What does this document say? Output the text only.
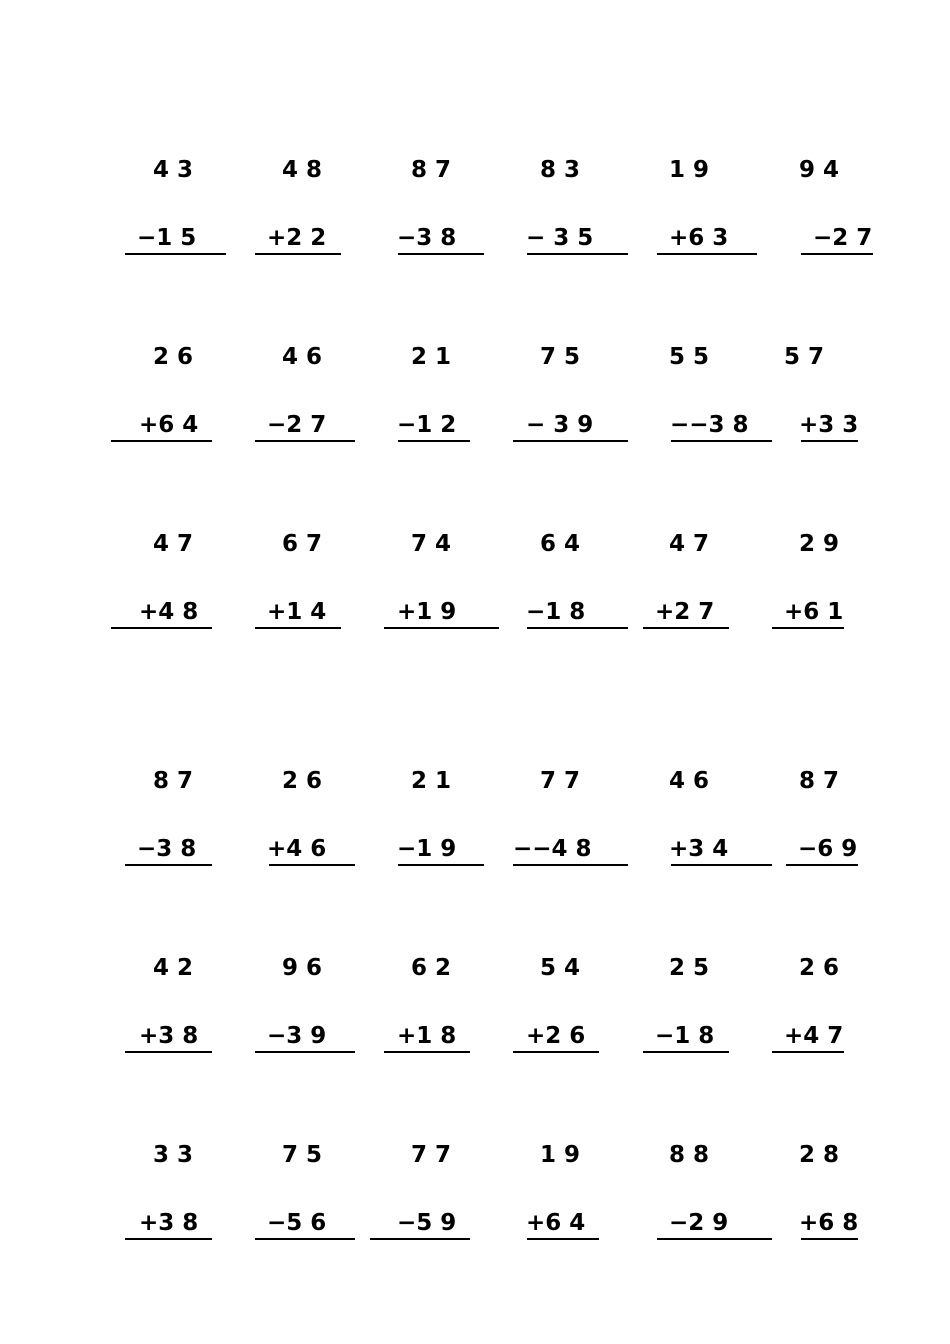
4 3
−1 5
4 8
+2 2
8 7
−3 8
8 3
− 3 5
1 9
+6 3
9 4
−2 7
2 6
+6 4
4 6
−2 7
2 1
−1 2
7 5
− 3 9
5 5
−−3 8
5 7
+3 3
4 7
+4 8
6 7
+1 4
7 4
+1 9
6 4
−1 8
4 7
+2 7
2 9
+6 1
8 7
−3 8
2 6
+4 6
2 1
−1 9
7 7
−−4 8
4 6
+3 4
8 7
−6 9
4 2
+3 8
9 6
−3 9
6 2
+1 8
5 4
+2 6
2 5
−1 8
2 6
+4 7
3 3
+3 8
7 5
−5 6
7 7
−5 9
1 9
+6 4
8 8
−2 9
2 8
+6 8
